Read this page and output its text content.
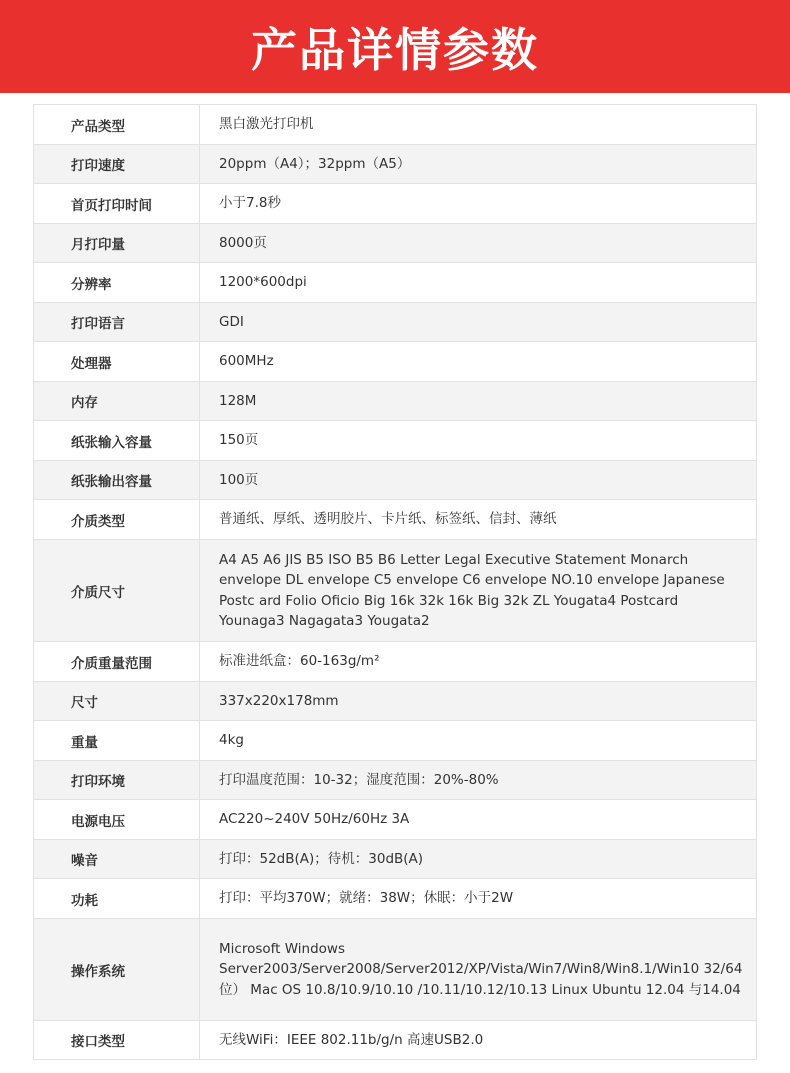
产品详情参数
产品类型	黑白激光打印机
打印速度	20ppm（A4）；32ppm（A5）
首页打印时间	小于7.8秒
月打印量	8000页
分辨率	1200*600dpi
打印语言	GDI
处理器	600MHz
内存	128M
纸张输入容量	150页
纸张输出容量	100页
介质类型	普通纸、厚纸、透明胶片、卡片纸、标签纸、信封、薄纸
介质尺寸	A4 A5 A6 JIS B5 ISO B5 B6 Letter Legal Executive Statement Monarch envelope DL envelope C5 envelope C6 envelope NO.10 envelope Japanese Postc ard Folio Oficio Big 16k 32k 16k Big 32k ZL Yougata4 Postcard Younaga3 Nagagata3 Yougata2
介质重量范围	标准进纸盒：60-163g/m²
尺寸	337x220x178mm
重量	4kg
打印环境	打印温度范围：10-32；湿度范围：20%-80%
电源电压	AC220~240V 50Hz/60Hz 3A
噪音	打印：52dB(A)；待机：30dB(A)
功耗	打印：平均370W；就绪：38W；休眠：小于2W
操作系统	Microsoft Windows Server2003/Server2008/Server2012/XP/Vista/Win7/Win8/Win8.1/Win10 32/64 位） Mac OS 10.8/10.9/10.10 /10.11/10.12/10.13 Linux Ubuntu 12.04 与14.04
接口类型	无线WiFi：IEEE 802.11b/g/n 高速USB2.0
